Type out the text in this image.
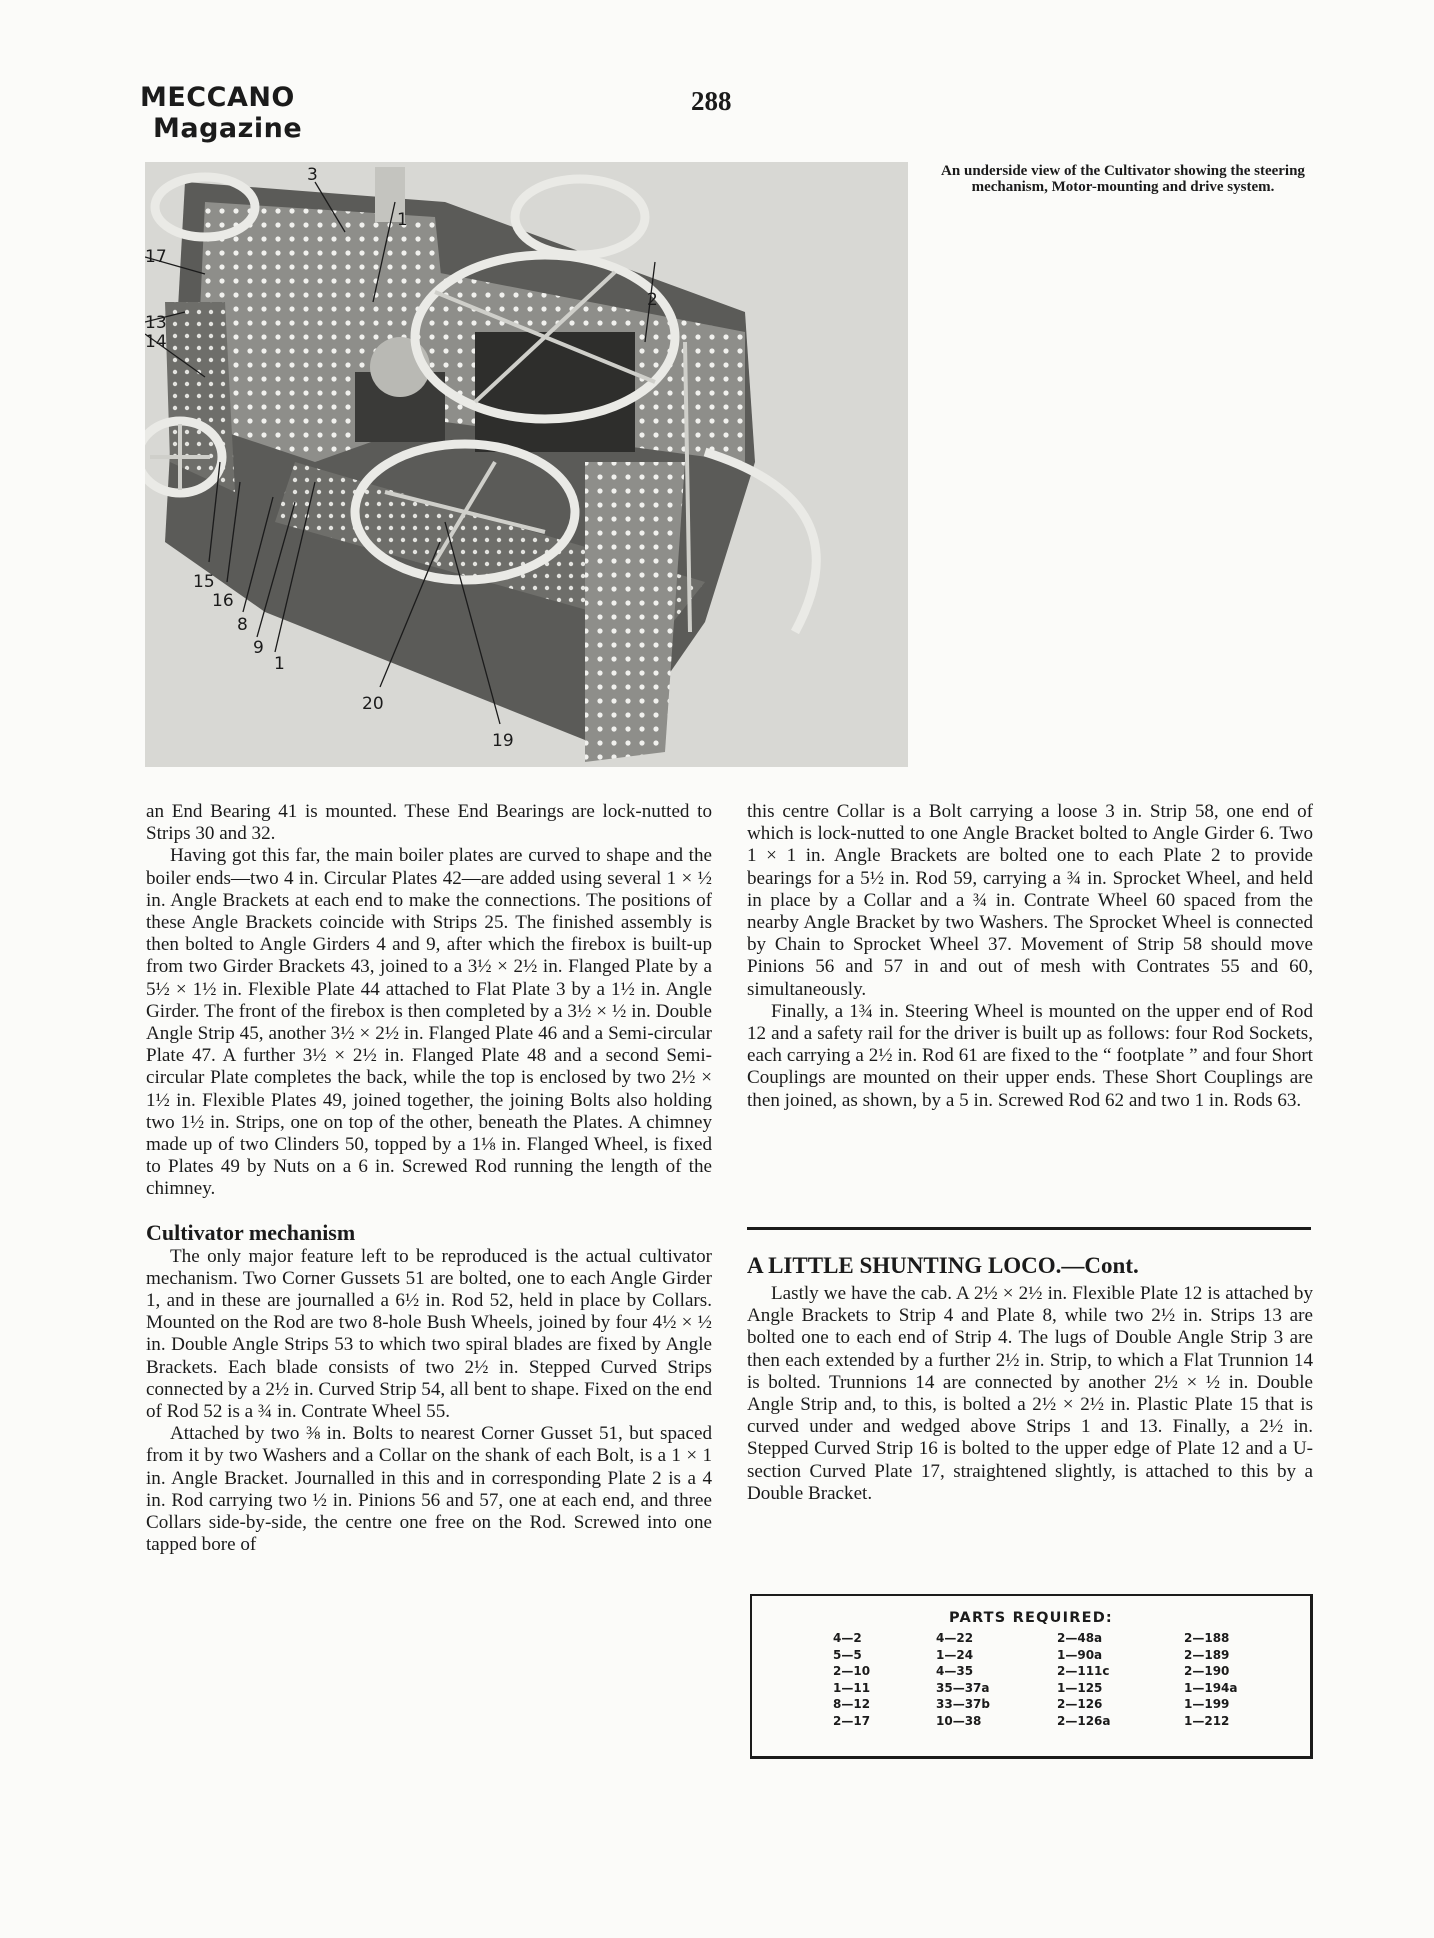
MECCANO
Magazine
288
3
1
2
17
13
14
15
16
8
9
1
20
19
An underside view of the Cultivator showing the steering mechanism, Motor-mounting and drive system.

an End Bearing 41 is mounted. These End Bearings are lock-nutted to Strips 30 and 32.

Having got this far, the main boiler plates are curved to shape and the boiler ends—two 4 in. Circular Plates 42—are added using several 1 × ½ in. Angle Brackets at each end to make the connections. The positions of these Angle Brackets coincide with Strips 25. The finished assembly is then bolted to Angle Girders 4 and 9, after which the firebox is built-up from two Girder Brackets 43, joined to a 3½ × 2½ in. Flanged Plate by a 5½ × 1½ in. Flexible Plate 44 attached to Flat Plate 3 by a 1½ in. Angle Girder. The front of the firebox is then completed by a 3½ × ½ in. Double Angle Strip 45, another 3½ × 2½ in. Flanged Plate 46 and a Semi-circular Plate 47. A further 3½ × 2½ in. Flanged Plate 48 and a second Semi-circular Plate completes the back, while the top is enclosed by two 2½ × 1½ in. Flexible Plates 49, joined together, the joining Bolts also holding two 1½ in. Strips, one on top of the other, beneath the Plates. A chimney made up of two Clinders 50, topped by a 1⅛ in. Flanged Wheel, is fixed to Plates 49 by Nuts on a 6 in. Screwed Rod running the length of the chimney.

Cultivator mechanism

The only major feature left to be reproduced is the actual cultivator mechanism. Two Corner Gussets 51 are bolted, one to each Angle Girder 1, and in these are journalled a 6½ in. Rod 52, held in place by Collars. Mounted on the Rod are two 8-hole Bush Wheels, joined by four 4½ × ½ in. Double Angle Strips 53 to which two spiral blades are fixed by Angle Brackets. Each blade consists of two 2½ in. Stepped Curved Strips connected by a 2½ in. Curved Strip 54, all bent to shape. Fixed on the end of Rod 52 is a ¾ in. Contrate Wheel 55.

Attached by two ⅜ in. Bolts to nearest Corner Gusset 51, but spaced from it by two Washers and a Collar on the shank of each Bolt, is a 1 × 1 in. Angle Bracket. Journalled in this and in corresponding Plate 2 is a 4 in. Rod carrying two ½ in. Pinions 56 and 57, one at each end, and three Collars side-by-side, the centre one free on the Rod. Screwed into one tapped bore of

this centre Collar is a Bolt carrying a loose 3 in. Strip 58, one end of which is lock-nutted to one Angle Bracket bolted to Angle Girder 6. Two 1 × 1 in. Angle Brackets are bolted one to each Plate 2 to provide bearings for a 5½ in. Rod 59, carrying a ¾ in. Sprocket Wheel, and held in place by a Collar and a ¾ in. Contrate Wheel 60 spaced from the nearby Angle Bracket by two Washers. The Sprocket Wheel is connected by Chain to Sprocket Wheel 37. Movement of Strip 58 should move Pinions 56 and 57 in and out of mesh with Contrates 55 and 60, simultaneously.

Finally, a 1¾ in. Steering Wheel is mounted on the upper end of Rod 12 and a safety rail for the driver is built up as follows: four Rod Sockets, each carrying a 2½ in. Rod 61 are fixed to the “ footplate ” and four Short Couplings are mounted on their upper ends. These Short Couplings are then joined, as shown, by a 5 in. Screwed Rod 62 and two 1 in. Rods 63.

A LITTLE SHUNTING LOCO.—Cont.

Lastly we have the cab. A 2½ × 2½ in. Flexible Plate 12 is attached by Angle Brackets to Strip 4 and Plate 8, while two 2½ in. Strips 13 are bolted one to each end of Strip 4. The lugs of Double Angle Strip 3 are then each extended by a further 2½ in. Strip, to which a Flat Trunnion 14 is bolted. Trunnions 14 are connected by another 2½ × ½ in. Double Angle Strip and, to this, is bolted a 2½ × 2½ in. Plastic Plate 15 that is curved under and wedged above Strips 1 and 13. Finally, a 2½ in. Stepped Curved Strip 16 is bolted to the upper edge of Plate 12 and a U-section Curved Plate 17, straightened slightly, is attached to this by a Double Bracket.

PARTS REQUIRED:
4—2
5—5
2—10
1—11
8—12
2—17
4—22
1—24
4—35
35—37a
33—37b
10—38
2—48a
1—90a
2—111c
1—125
2—126
2—126a
2—188
2—189
2—190
1—194a
1—199
1—212
